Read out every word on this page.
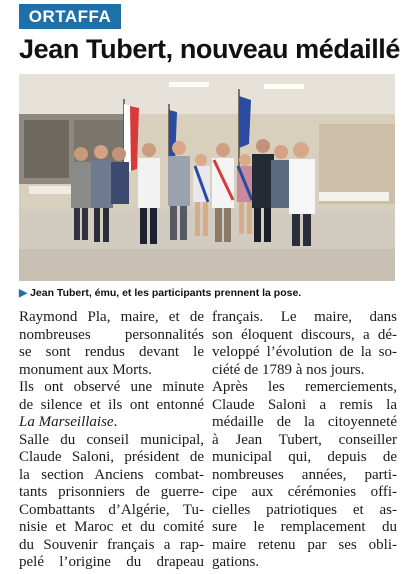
ORTAFFA
Jean Tubert, nouveau médaillé
▶ Jean Tubert, ému, et les participants prennent la pose.

Raymond Pla, maire, et de
nombreuses personnalités
se sont rendus devant le
monument aux Morts.

Ils ont observé une minute
de silence et ils ont entonné
La Marseillaise.

Salle du conseil municipal,
Claude Saloni, président de
la section Anciens combat-
tants prisonniers de guerre-
Combattants d’Algérie, Tu-
nisie et Maroc et du comité
du Souvenir français a rap-
pelé l’origine du drapeau

français. Le maire, dans
son éloquent discours, a dé-
veloppé l’évolution de la so-
ciété de 1789 à nos jours.

Après les remerciements,
Claude Saloni a remis la
médaille de la citoyenneté
à Jean Tubert, conseiller
municipal qui, depuis de
nombreuses années, parti-
cipe aux cérémonies offi-
cielles patriotiques et as-
sure le remplacement du
maire retenu par ses obli-
gations.
